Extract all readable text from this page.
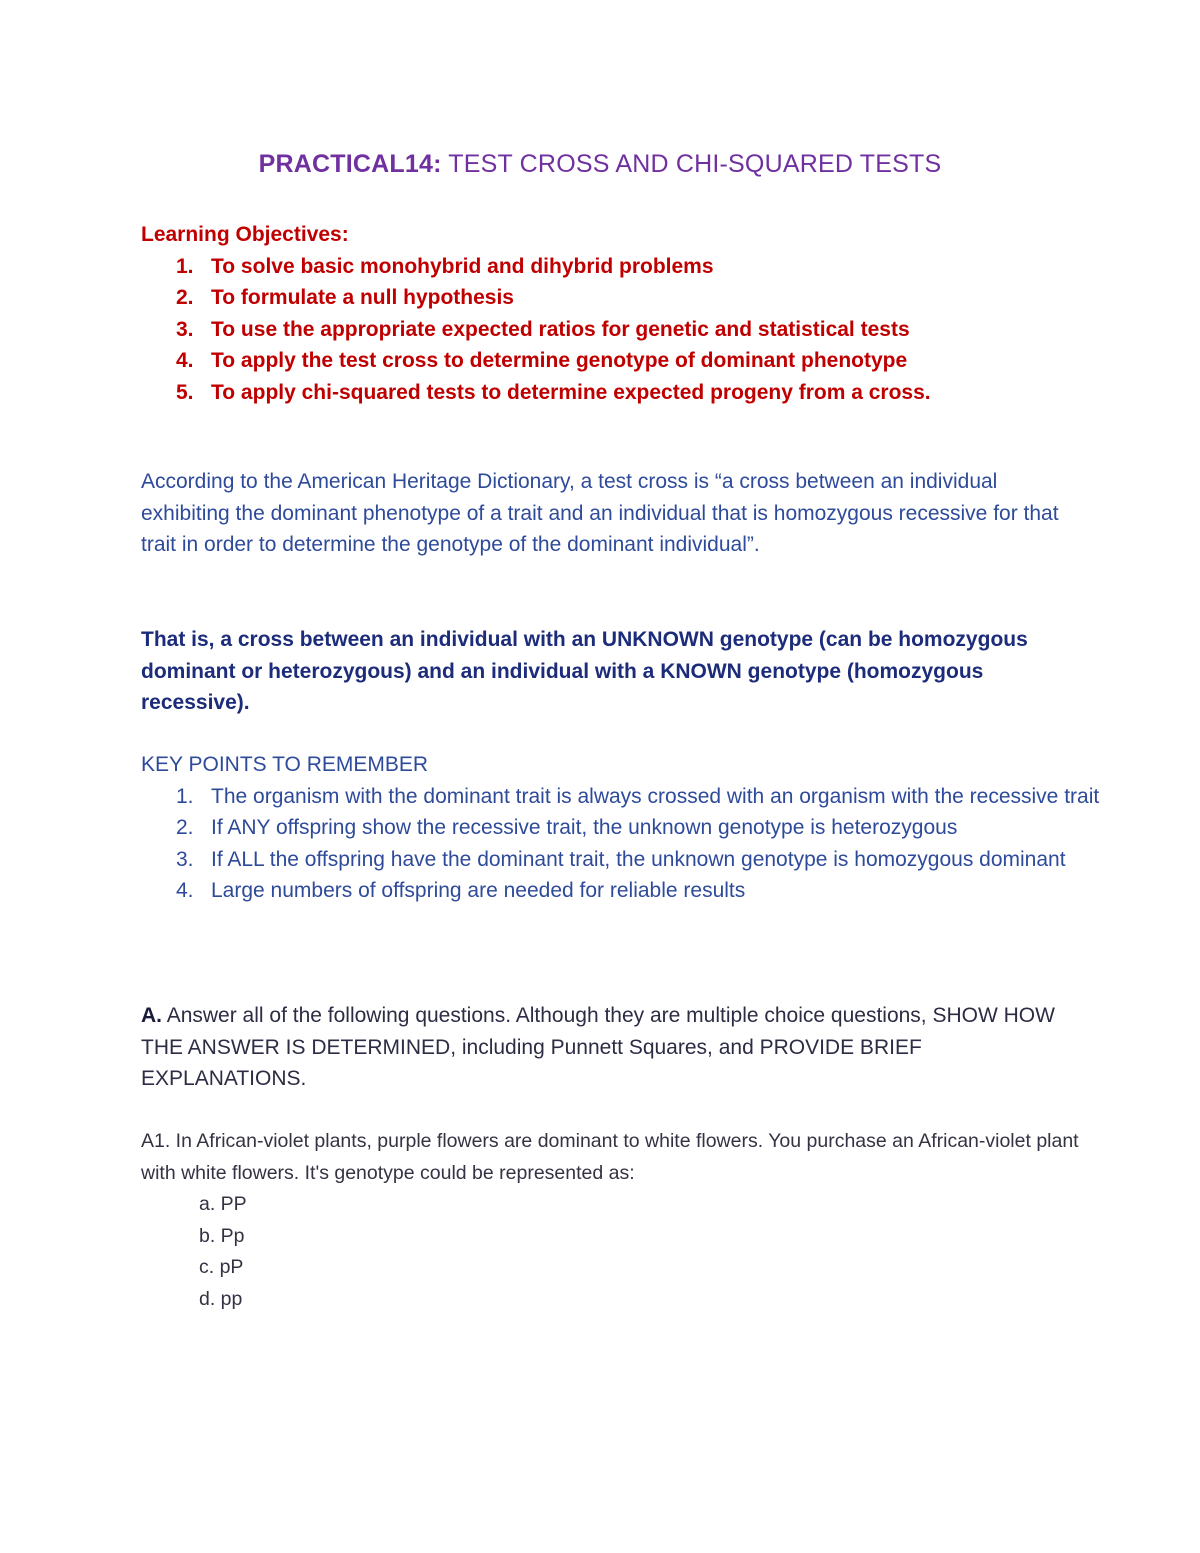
PRACTICAL14: TEST CROSS AND CHI-SQUARED TESTS
Learning Objectives:
1. To solve basic monohybrid and dihybrid problems
2. To formulate a null hypothesis
3. To use the appropriate expected ratios for genetic and statistical tests
4. To apply the test cross to determine genotype of dominant phenotype
5. To apply chi-squared tests to determine expected progeny from a cross.
According to the American Heritage Dictionary, a test cross is “a cross between an individual exhibiting the dominant phenotype of a trait and an individual that is homozygous recessive for that trait in order to determine the genotype of the dominant individual”.
That is, a cross between an individual with an UNKNOWN genotype (can be homozygous dominant or heterozygous) and an individual with a KNOWN genotype (homozygous recessive).
KEY POINTS TO REMEMBER
1. The organism with the dominant trait is always crossed with an organism with the recessive trait
2. If ANY offspring show the recessive trait, the unknown genotype is heterozygous
3. If ALL the offspring have the dominant trait, the unknown genotype is homozygous dominant
4. Large numbers of offspring are needed for reliable results
A. Answer all of the following questions. Although they are multiple choice questions, SHOW HOW THE ANSWER IS DETERMINED, including Punnett Squares, and PROVIDE BRIEF EXPLANATIONS.
A1. In African-violet plants, purple flowers are dominant to white flowers. You purchase an African-violet plant with white flowers. It's genotype could be represented as:
a. PP
b. Pp
c. pP
d. pp
